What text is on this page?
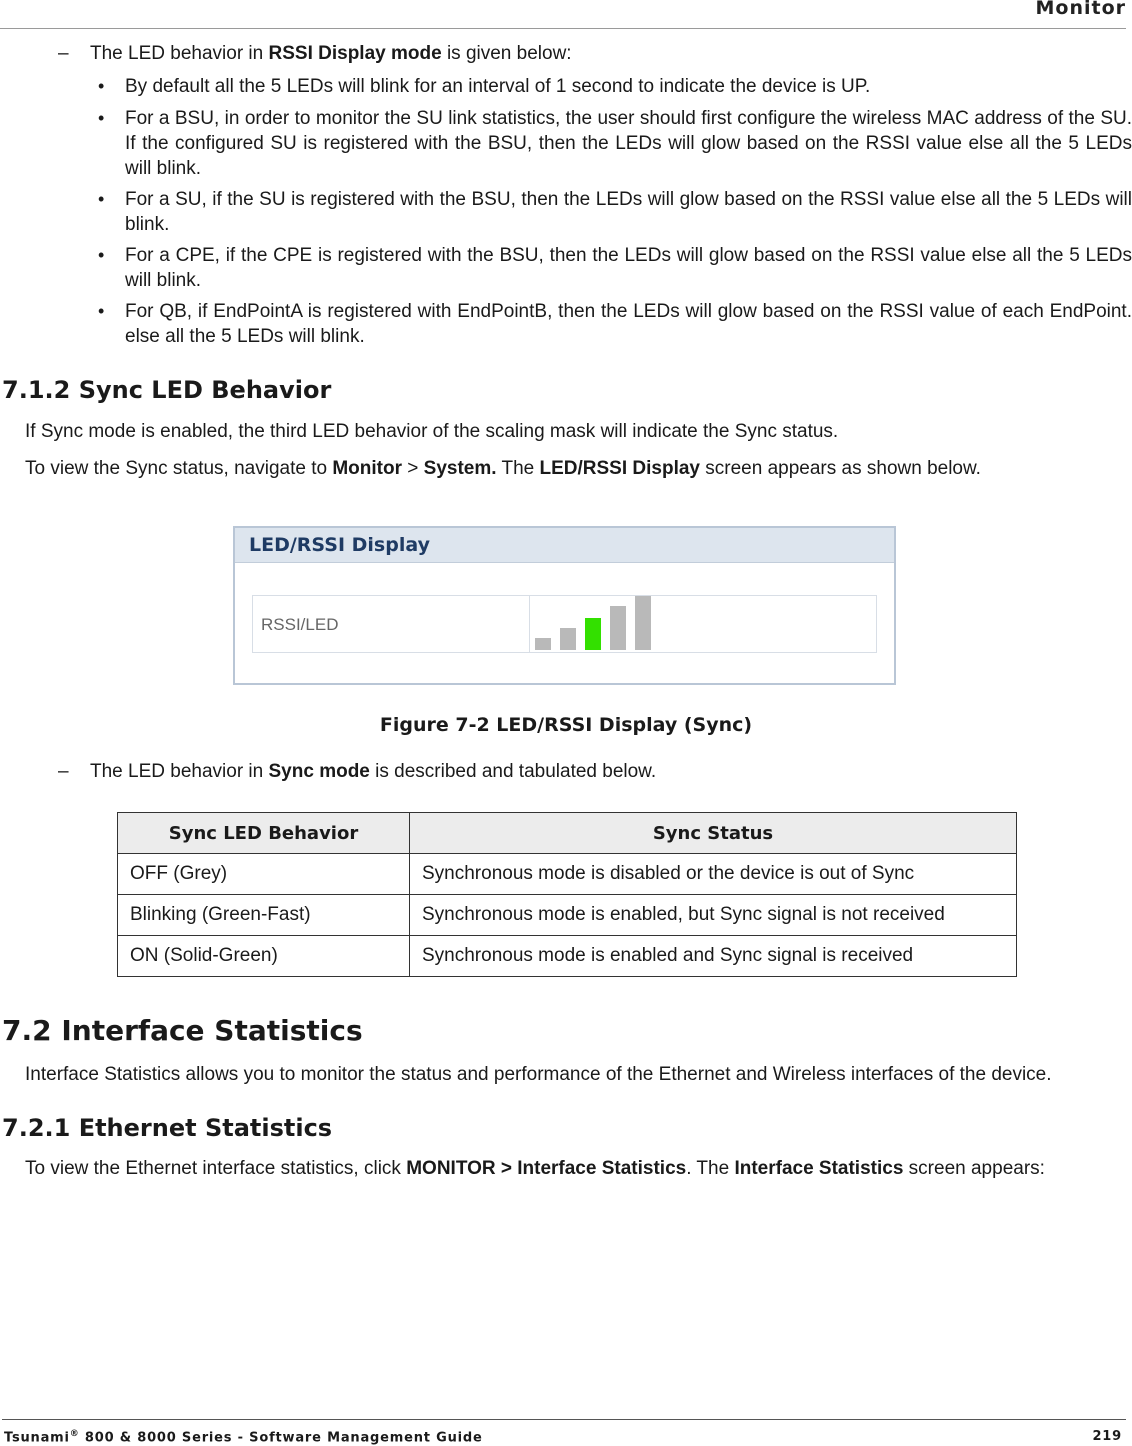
Monitor
– The LED behavior in RSSI Display mode is given below:
• By default all the 5 LEDs will blink for an interval of 1 second to indicate the device is UP.
• For a BSU, in order to monitor the SU link statistics, the user should first configure the wireless MAC address of the SU. If the configured SU is registered with the BSU, then the LEDs will glow based on the RSSI value else all the 5 LEDs will blink.
• For a SU, if the SU is registered with the BSU, then the LEDs will glow based on the RSSI value else all the 5 LEDs will blink.
• For a CPE, if the CPE is registered with the BSU, then the LEDs will glow based on the RSSI value else all the 5 LEDs will blink.
• For QB, if EndPointA is registered with EndPointB, then the LEDs will glow based on the RSSI value of each EndPoint. else all the 5 LEDs will blink.
7.1.2 Sync LED Behavior
If Sync mode is enabled, the third LED behavior of the scaling mask will indicate the Sync status.
To view the Sync status, navigate to Monitor > System. The LED/RSSI Display screen appears as shown below.
LED/RSSI Display
RSSI/LED
Figure 7-2 LED/RSSI Display (Sync)
– The LED behavior in Sync mode is described and tabulated below.
Sync LED Behavior	Sync Status
OFF (Grey)	Synchronous mode is disabled or the device is out of Sync
Blinking (Green-Fast)	Synchronous mode is enabled, but Sync signal is not received
ON (Solid-Green)	Synchronous mode is enabled and Sync signal is received
7.2 Interface Statistics
Interface Statistics allows you to monitor the status and performance of the Ethernet and Wireless interfaces of the device.
7.2.1 Ethernet Statistics
To view the Ethernet interface statistics, click MONITOR > Interface Statistics. The Interface Statistics screen appears:
Tsunami® 800 & 8000 Series - Software Management Guide	219
